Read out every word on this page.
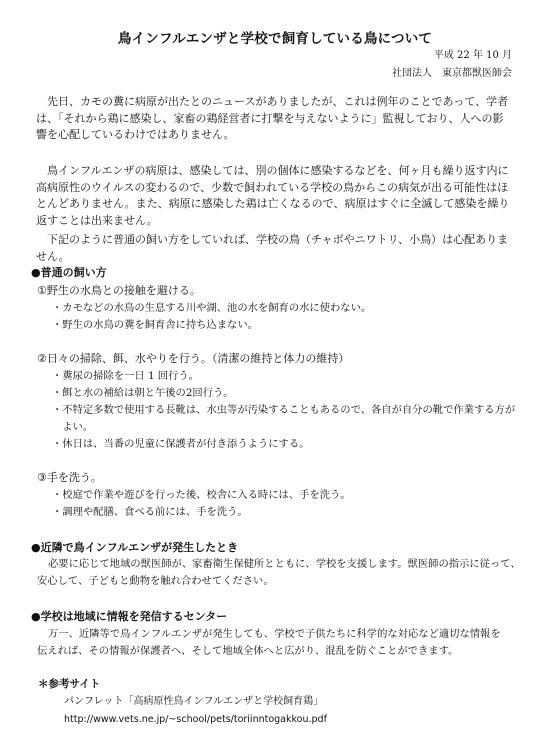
鳥インフルエンザと学校で飼育している鳥について
平成 22 年 10 月
社団法人　東京都獣医師会

先日、カモの糞に病原が出たとのニュースがありましたが、これは例年のことであって、学者は、「それから鶏に感染し、家畜の鶏経営者に打撃を与えないように」監視しており、人への影響を心配しているわけではありません。

鳥インフルエンザの病原は、感染しては、別の個体に感染するなどを、何ヶ月も繰り返す内に高病原性のウイルスの変わるので、少数で飼われている学校の鳥からこの病気が出る可能性はほとんどありません。また、病原に感染した鶏は亡くなるので、病原はすぐに全滅して感染を繰り返すことは出来ません。

下記のように普通の飼い方をしていれば、学校の鳥（チャボやニワトリ、小鳥）は心配ありません。

●普通の飼い方
①野生の水鳥との接触を避ける。
・カモなどの水鳥の生息する川や湖、池の水を飼育の水に使わない。
・野生の水鳥の糞を飼育舎に持ち込まない。
②日々の掃除、餌、水やりを行う。（清潔の維持と体力の維持）
・糞尿の掃除を一日 1 回行う。
・餌と水の補給は朝と午後の2回行う。
・不特定多数で使用する長靴は、水虫等が汚染することもあるので、各自が自分の靴で作業する方が
　よい。
・休日は、当番の児童に保護者が付き添うようにする。
③手を洗う。
・校庭で作業や遊びを行った後、校舎に入る時には、手を洗う。
・調理や配膳、食べる前には、手を洗う。
●近隣で鳥インフルエンザが発生したとき
必要に応じて地域の獣医師が、家畜衛生保健所とともに、学校を支援します。獣医師の指示に従って、
安心して、子どもと動物を触れ合わせてください。
●学校は地域に情報を発信するセンター
万一、近隣等で鳥インフルエンザが発生しても、学校で子供たちに科学的な対応など適切な情報を
伝えれば、その情報が保護者へ、そして地域全体へと広がり、混乱を防ぐことができます。
＊参考サイト
パンフレット「高病原性鳥インフルエンザと学校飼育鶏」
http://www.vets.ne.jp/~school/pets/toriinntogakkou.pdf
